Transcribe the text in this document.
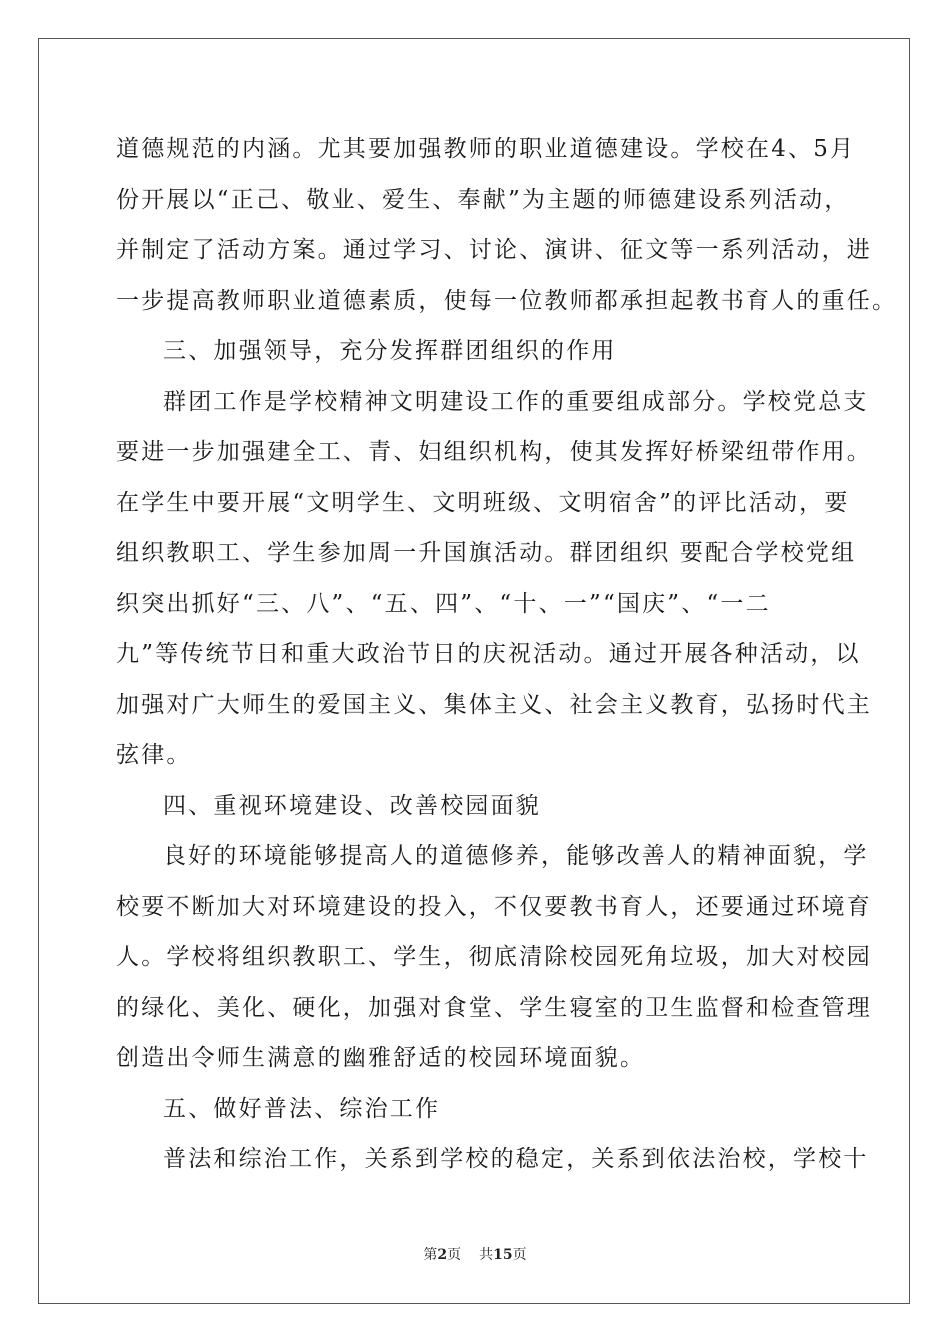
道德规范的内涵。尤其要加强教师的职业道德建设。学校在4、5月
份开展以“正己、敬业、爱生、奉献”为主题的师德建设系列活动，
并制定了活动方案。通过学习、讨论、演讲、征文等一系列活动，进
一步提高教师职业道德素质，使每一位教师都承担起教书育人的重任。
三、加强领导，充分发挥群团组织的作用
群团工作是学校精神文明建设工作的重要组成部分。学校党总支
要进一步加强建全工、青、妇组织机构，使其发挥好桥梁纽带作用。
在学生中要开展“文明学生、文明班级、文明宿舍”的评比活动，要
组织教职工、学生参加周一升国旗活动。群团组织 要配合学校党组
织突出抓好“三、八”、“五、四”、“十、一”“国庆”、“一二
九”等传统节日和重大政治节日的庆祝活动。通过开展各种活动，以
加强对广大师生的爱国主义、集体主义、社会主义教育，弘扬时代主
弦律。
四、重视环境建设、改善校园面貌
良好的环境能够提高人的道德修养，能够改善人的精神面貌，学
校要不断加大对环境建设的投入，不仅要教书育人，还要通过环境育
人。学校将组织教职工、学生，彻底清除校园死角垃圾，加大对校园
的绿化、美化、硬化，加强对食堂、学生寝室的卫生监督和检查管理
创造出令师生满意的幽雅舒适的校园环境面貌。
五、做好普法、综治工作
普法和综治工作，关系到学校的稳定，关系到依法治校，学校十
第2页 共15页
